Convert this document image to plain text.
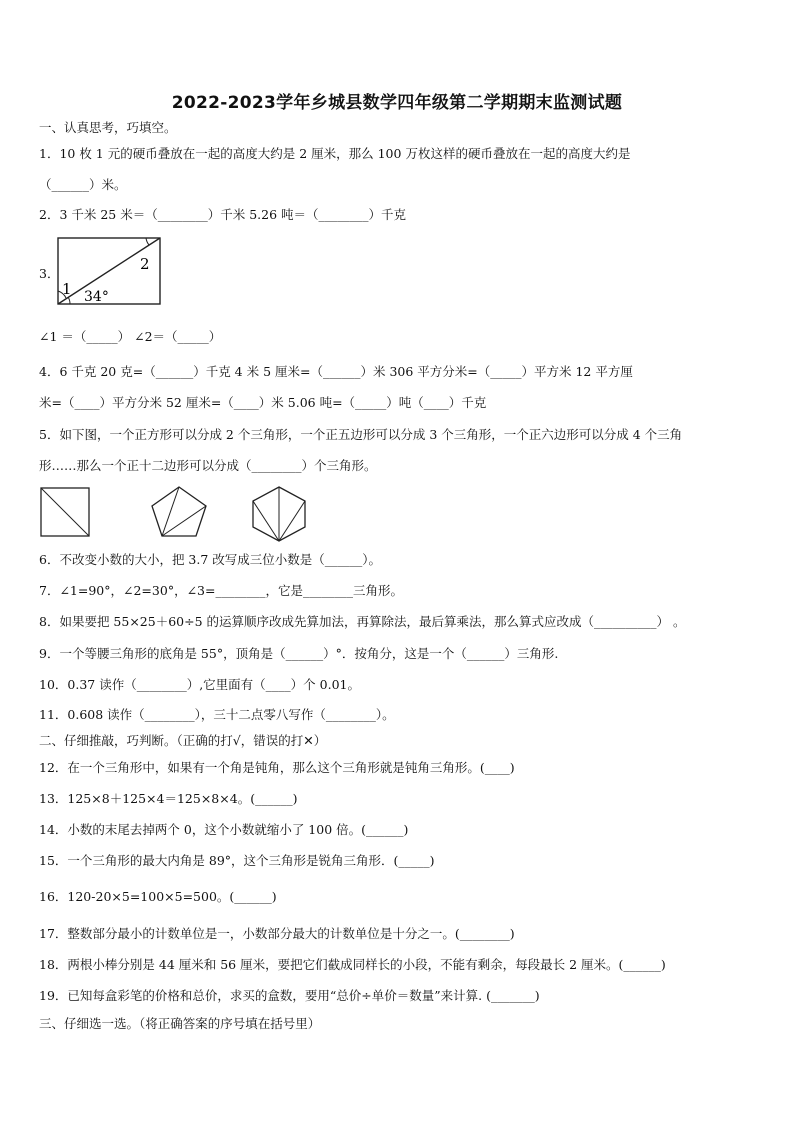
2022-2023学年乡城县数学四年级第二学期期末监测试题
一、认真思考，巧填空。
1．10 枚 1 元的硬币叠放在一起的高度大约是 2 厘米，那么 100 万枚这样的硬币叠放在一起的高度大约是
（______）米。
2．3 千米 25 米＝（________）千米 5.26 吨＝（________）千克
3．
1
2
34°
∠1 ＝（_____） ∠2＝（_____）
4．6 千克 20 克=（______）千克 4 米 5 厘米=（______）米 306 平方分米=（_____）平方米 12 平方厘
米=（____）平方分米 52 厘米=（____）米 5.06 吨=（_____）吨（____）千克
5．如下图，一个正方形可以分成 2 个三角形，一个正五边形可以分成 3 个三角形，一个正六边形可以分成 4 个三角
形……那么一个正十二边形可以分成（________）个三角形。
6．不改变小数的大小，把 3.7 改写成三位小数是（______）。
7．∠1=90°，∠2=30°，∠3=________，它是________三角形。
8．如果要把 55×25＋60÷5 的运算顺序改成先算加法，再算除法，最后算乘法，那么算式应改成（__________） 。
9．一个等腰三角形的底角是 55°，顶角是（______）°．按角分，这是一个（______）三角形.
10．0.37 读作（________）,它里面有（____）个 0.01。
11．0.608 读作（________），三十二点零八写作（________）。
二、仔细推敲，巧判断。（正确的打√，错误的打✕）
12．在一个三角形中，如果有一个角是钝角，那么这个三角形就是钝角三角形。(____)
13．125×8＋125×4＝125×8×4。(______)
14．小数的末尾去掉两个 0，这个小数就缩小了 100 倍。(______)
15．一个三角形的最大内角是 89°，这个三角形是锐角三角形．(_____)
16．120-20×5=100×5=500。(______)
17．整数部分最小的计数单位是一，小数部分最大的计数单位是十分之一。(________)
18．两根小棒分别是 44 厘米和 56 厘米，要把它们截成同样长的小段，不能有剩余，每段最长 2 厘米。(______)
19．已知每盒彩笔的价格和总价，求买的盒数，要用“总价÷单价＝数量”来计算. (_______)
三、仔细选一选。（将正确答案的序号填在括号里）
